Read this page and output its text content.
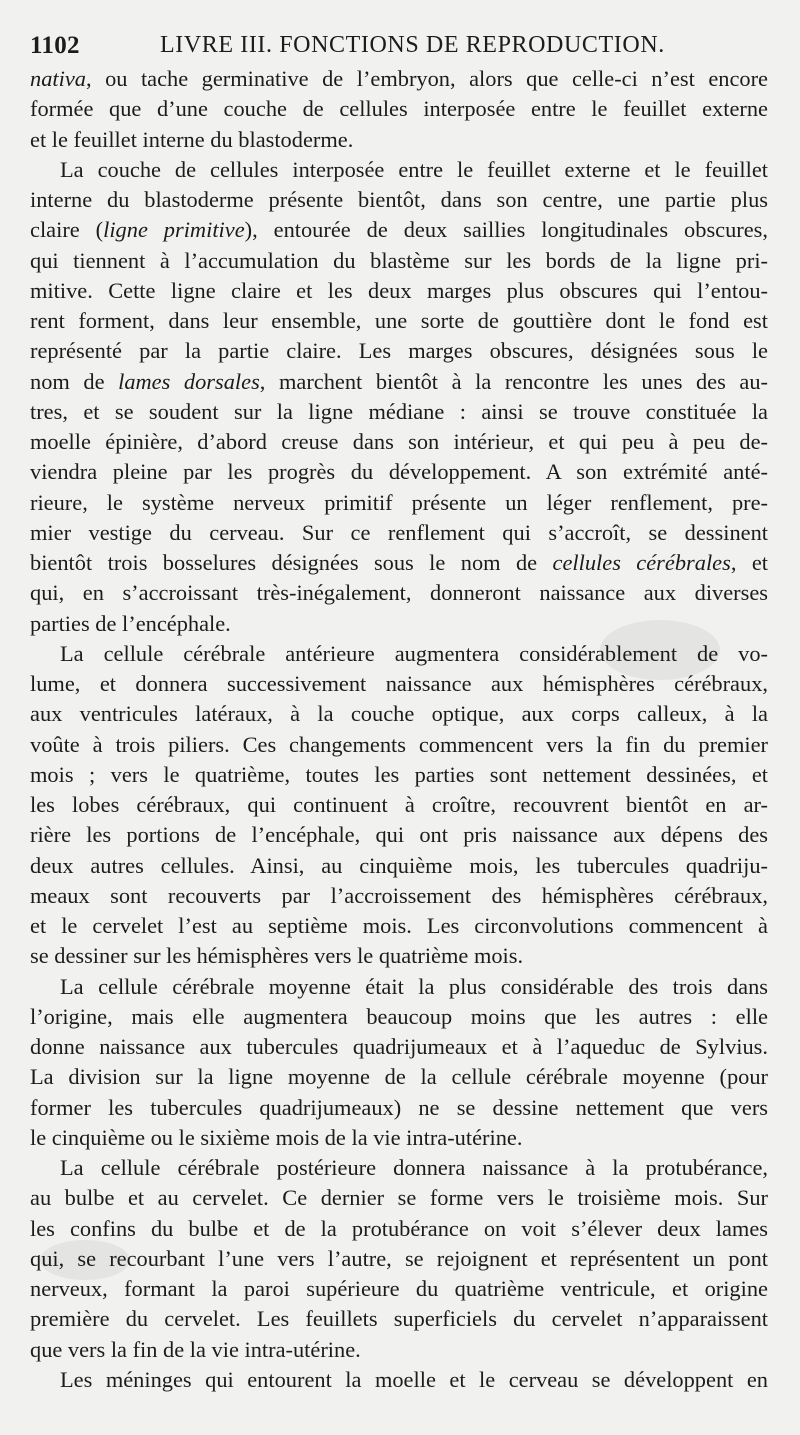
1102	LIVRE III. FONCTIONS DE REPRODUCTION.
nativa, ou tache germinative de l’embryon, alors que celle-ci n’est encore
formée que d’une couche de cellules interposée entre le feuillet externe
et le feuillet interne du blastoderme.
La couche de cellules interposée entre le feuillet externe et le feuillet
interne du blastoderme présente bientôt, dans son centre, une partie plus
claire (ligne primitive), entourée de deux saillies longitudinales obscures,
qui tiennent à l’accumulation du blastème sur les bords de la ligne pri-
mitive. Cette ligne claire et les deux marges plus obscures qui l’entou-
rent forment, dans leur ensemble, une sorte de gouttière dont le fond est
représenté par la partie claire. Les marges obscures, désignées sous le
nom de lames dorsales, marchent bientôt à la rencontre les unes des au-
tres, et se soudent sur la ligne médiane : ainsi se trouve constituée la
moelle épinière, d’abord creuse dans son intérieur, et qui peu à peu de-
viendra pleine par les progrès du développement. A son extrémité anté-
rieure, le système nerveux primitif présente un léger renflement, pre-
mier vestige du cerveau. Sur ce renflement qui s’accroît, se dessinent
bientôt trois bosselures désignées sous le nom de cellules cérébrales, et
qui, en s’accroissant très-inégalement, donneront naissance aux diverses
parties de l’encéphale.
La cellule cérébrale antérieure augmentera considérablement de vo-
lume, et donnera successivement naissance aux hémisphères cérébraux,
aux ventricules latéraux, à la couche optique, aux corps calleux, à la
voûte à trois piliers. Ces changements commencent vers la fin du premier
mois ; vers le quatrième, toutes les parties sont nettement dessinées, et
les lobes cérébraux, qui continuent à croître, recouvrent bientôt en ar-
rière les portions de l’encéphale, qui ont pris naissance aux dépens des
deux autres cellules. Ainsi, au cinquième mois, les tubercules quadriju-
meaux sont recouverts par l’accroissement des hémisphères cérébraux,
et le cervelet l’est au septième mois. Les circonvolutions commencent à
se dessiner sur les hémisphères vers le quatrième mois.
La cellule cérébrale moyenne était la plus considérable des trois dans
l’origine, mais elle augmentera beaucoup moins que les autres : elle
donne naissance aux tubercules quadrijumeaux et à l’aqueduc de Sylvius.
La division sur la ligne moyenne de la cellule cérébrale moyenne (pour
former les tubercules quadrijumeaux) ne se dessine nettement que vers
le cinquième ou le sixième mois de la vie intra-utérine.
La cellule cérébrale postérieure donnera naissance à la protubérance,
au bulbe et au cervelet. Ce dernier se forme vers le troisième mois. Sur
les confins du bulbe et de la protubérance on voit s’élever deux lames
qui, se recourbant l’une vers l’autre, se rejoignent et représentent un pont
nerveux, formant la paroi supérieure du quatrième ventricule, et origine
première du cervelet. Les feuillets superficiels du cervelet n’apparaissent
que vers la fin de la vie intra-utérine.
Les méninges qui entourent la moelle et le cerveau se développent en
